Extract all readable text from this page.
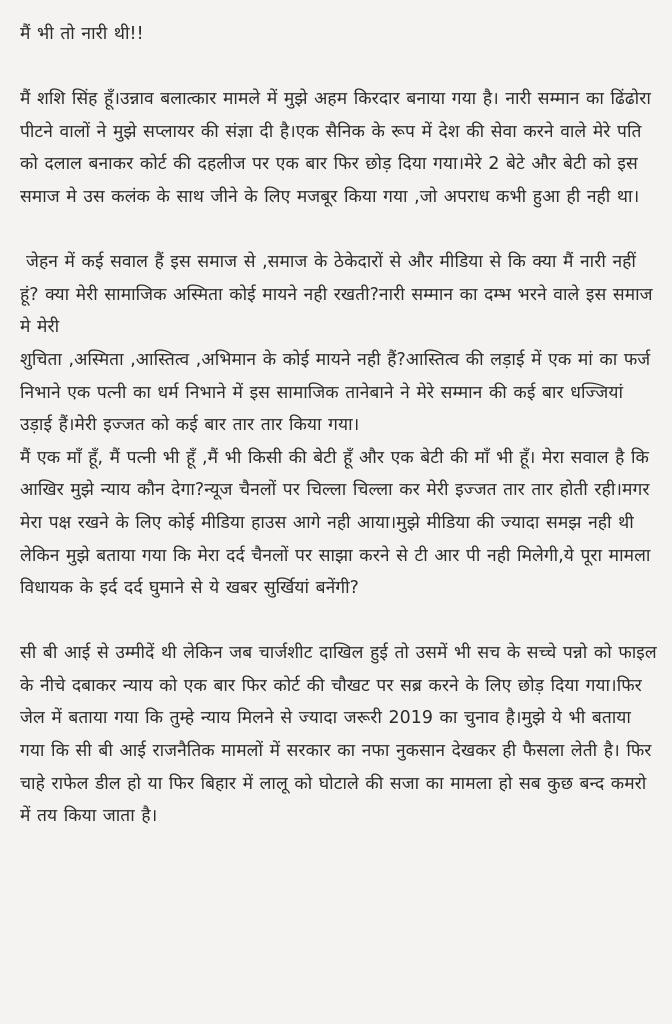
मैं भी तो नारी थी!!

मैं शशि सिंह हूँ।उन्नाव बलात्कार मामले में मुझे अहम किरदार बनाया गया है। नारी सम्मान का ढिंढोरा पीटने वालों ने मुझे सप्लायर की संज्ञा दी है।एक सैनिक के रूप में देश की सेवा करने वाले मेरे पति को दलाल बनाकर कोर्ट की दहलीज पर एक बार फिर छोड़ दिया गया।मेरे 2 बेटे और बेटी को इस समाज मे उस कलंक के साथ जीने के लिए मजबूर किया गया ,जो अपराध कभी हुआ ही नही था।

जेहन में कई सवाल हैं इस समाज से ,समाज के ठेकेदारों से और मीडिया से कि क्या मैं नारी नहीं हूं? क्या मेरी सामाजिक अस्मिता कोई मायने नही रखती?नारी सम्मान का दम्भ भरने वाले इस समाज मे मेरी

शुचिता ,अस्मिता ,आस्तित्व ,अभिमान के कोई मायने नही हैं?आस्तित्व की लड़ाई में एक मां का फर्ज निभाने एक पत्नी का धर्म निभाने में इस सामाजिक तानेबाने ने मेरे सम्मान की कई बार धज्जियां उड़ाई हैं।मेरी इज्जत को कई बार तार तार किया गया।

मैं एक माँ हूँ, मैं पत्नी भी हूँ ,मैं भी किसी की बेटी हूँ और एक बेटी की माँ भी हूँ। मेरा सवाल है कि आखिर मुझे न्याय कौन देगा?न्यूज चैनलों पर चिल्ला चिल्ला कर मेरी इज्जत तार तार होती रही।मगर मेरा पक्ष रखने के लिए कोई मीडिया हाउस आगे नही आया।मुझे मीडिया की ज्यादा समझ नही थी लेकिन मुझे बताया गया कि मेरा दर्द चैनलों पर साझा करने से टी आर पी नही मिलेगी,ये पूरा मामला विधायक के इर्द दर्द घुमाने से ये खबर सुर्खियां बनेंगी?

सी बी आई से उम्मीदें थी लेकिन जब चार्जशीट दाखिल हुई तो उसमें भी सच के सच्चे पन्नो को फाइल के नीचे दबाकर न्याय को एक बार फिर कोर्ट की चौखट पर सब्र करने के लिए छोड़ दिया गया।फिर जेल में बताया गया कि तुम्हे न्याय मिलने से ज्यादा जरूरी 2019 का चुनाव है।मुझे ये भी बताया गया कि सी बी आई राजनैतिक मामलों में सरकार का नफा नुकसान देखकर ही फैसला लेती है। फिर चाहे राफेल डील हो या फिर बिहार में लालू को घोटाले की सजा का मामला हो सब कुछ बन्द कमरो में तय किया जाता है।
